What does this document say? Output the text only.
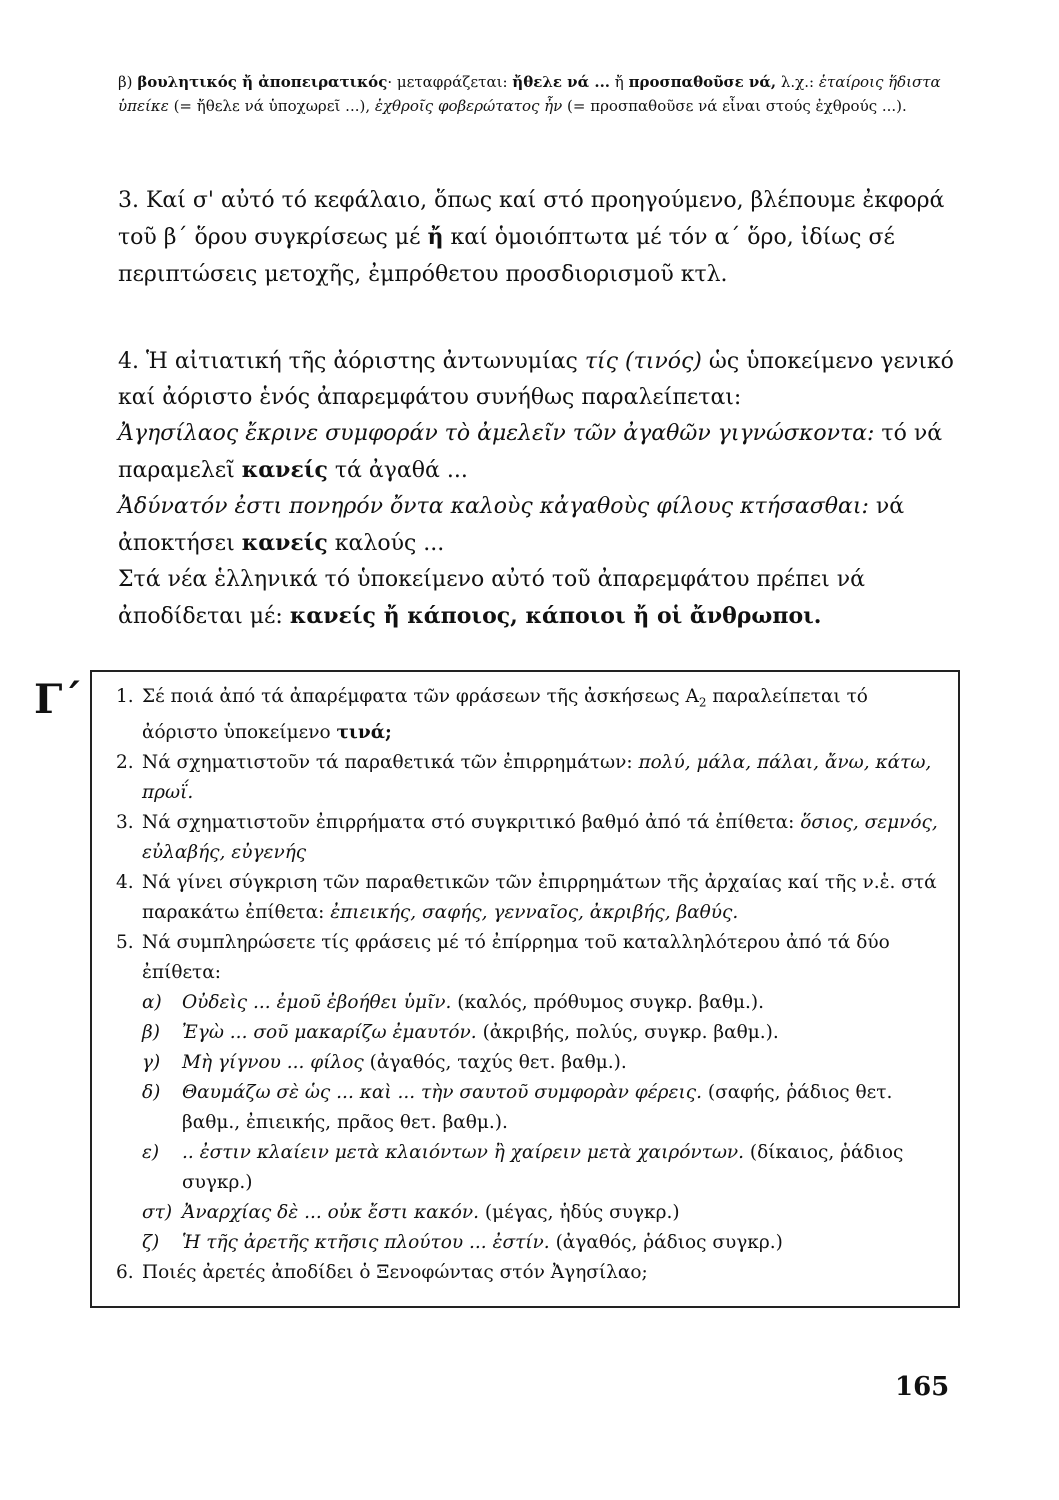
β) βουλητικός ἤ ἀποπειρατικός· μεταφράζεται: ἤθελε νά ... ἤ προσπαθοῦσε νά, λ.χ.: ἑταίροις ἥδιστα ὑπείκε (= ἤθελε νά ὑποχωρεῖ ...), ἐχθροῖς φοβερώτατος ἦν (= προσπαθοῦσε νά εἶναι στούς ἐχθρούς ...).
3. Καί σ' αὐτό τό κεφάλαιο, ὅπως καί στό προηγούμενο, βλέπουμε ἐκφορά τοῦ β΄ ὅρου συγκρίσεως μέ ἤ καί ὁμοιόπτωτα μέ τόν α΄ ὅρο, ἰδίως σέ περιπτώσεις μετοχῆς, ἐμπρόθετου προσδιορισμοῦ κτλ.
4. Ἡ αἰτιατική τῆς ἀόριστης ἀντωνυμίας τίς (τινός) ὡς ὑποκείμενο γενικό καί ἀόριστο ἑνός ἀπαρεμφάτου συνήθως παραλείπεται:
Ἀγησίλαος ἔκρινε συμφοράν τὸ ἀμελεῖν τῶν ἀγαθῶν γιγνώσκοντα: τό νά παραμελεῖ κανείς τά ἀγαθά ...
Ἀδύνατόν ἐστι πονηρόν ὄντα καλοὺς κἀγαθοὺς φίλους κτήσασθαι: νά ἀποκτήσει κανείς καλούς ...
Στά νέα ἑλληνικά τό ὑποκείμενο αὐτό τοῦ ἀπαρεμφάτου πρέπει νά ἀποδίδεται μέ: κανείς ἤ κάποιος, κάποιοι ἤ οἱ ἄνθρωποι.
Γ΄ 1. Σέ ποιά ἀπό τά ἀπαρέμφατα τῶν φράσεων τῆς ἀσκήσεως $A_2$ παραλείπεται τό ἀόριστο ὑποκείμενο τινά;
2. Νά σχηματιστοῦν τά παραθετικά τῶν ἐπιρρημάτων: πολύ, μάλα, πάλαι, ἄνω, κάτω, πρωΐ.
3. Νά σχηματιστοῦν ἐπιρρήματα στό συγκριτικό βαθμό ἀπό τά ἐπίθετα: ὅσιος, σεμνός, εὐλαβής, εὐγενής
4. Νά γίνει σύγκριση τῶν παραθετικῶν τῶν ἐπιρρημάτων τῆς ἀρχαίας καί τῆς ν.ἑ. στά παρακάτω ἐπίθετα: ἐπιεικής, σαφής, γενναῖος, ἀκριβής, βαθύς.
5. Νά συμπληρώσετε τίς φράσεις μέ τό ἐπίρρημα τοῦ καταλληλότερου ἀπό τά δύο ἐπίθετα:
α)	Οὐδεὶς ... ἐμοῦ ἐβοήθει ὑμῖν. (καλός, πρόθυμος συγκρ. βαθμ.).
β)	Ἐγὼ ... σοῦ μακαρίζω ἐμαυτόν. (ἀκριβής, πολύς, συγκρ. βαθμ.).
γ)	Μὴ γίγνου ... φίλος (ἀγαθός, ταχύς θετ. βαθμ.).
δ)	Θαυμάζω σὲ ὡς ... καὶ ... τὴν σαυτοῦ συμφορὰν φέρεις. (σαφής, ῥάδιος θετ. βαθμ., ἐπιεικής, πρᾶος θετ. βαθμ.).
ε)	.. ἐστιν κλαίειν μετὰ κλαιόντων ἢ χαίρειν μετὰ χαιρόντων. (δίκαιος, ῥάδιος συγκρ.)
στ) Ἀναρχίας δὲ ... οὐκ ἔστι κακόν. (μέγας, ἡδύς συγκρ.)
ζ)	Ἡ τῆς ἀρετῆς κτῆσις πλούτου ... ἐστίν. (ἀγαθός, ῥάδιος συγκρ.)
6. Ποιές ἀρετές ἀποδίδει ὁ Ξενοφώντας στόν Ἀγησίλαο;
165
